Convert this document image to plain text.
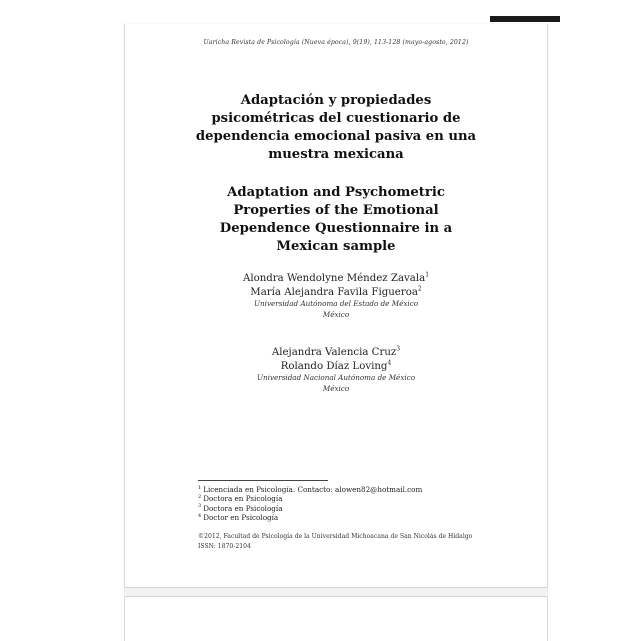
Uaricha Revista de Psicología (Nueva época), 9(19), 113-128 (mayo-agosto, 2012)
Adaptación y propiedades
psicométricas del cuestionario de
dependencia emocional pasiva en una
muestra mexicana
Adaptation and Psychometric
Properties of the Emotional
Dependence Questionnaire in a
Mexican sample
Alondra Wendolyne Méndez Zavala$^1$
María Alejandra Favila Figueroa$^2$
Universidad Autónoma del Estado de México
México
Alejandra Valencia Cruz$^3$
Rolando Díaz Loving$^4$
Universidad Nacional Autónoma de México
México
$^1$ Licenciada en Psicología. Contacto: alowen82@hotmail.com
$^2$ Doctora en Psicología
$^3$ Doctora en Psicología
$^4$ Doctor en Psicología
©2012, Facultad de Psicología de la Universidad Michoacana de San Nicolás de Hidalgo
ISSN: 1870-2104
